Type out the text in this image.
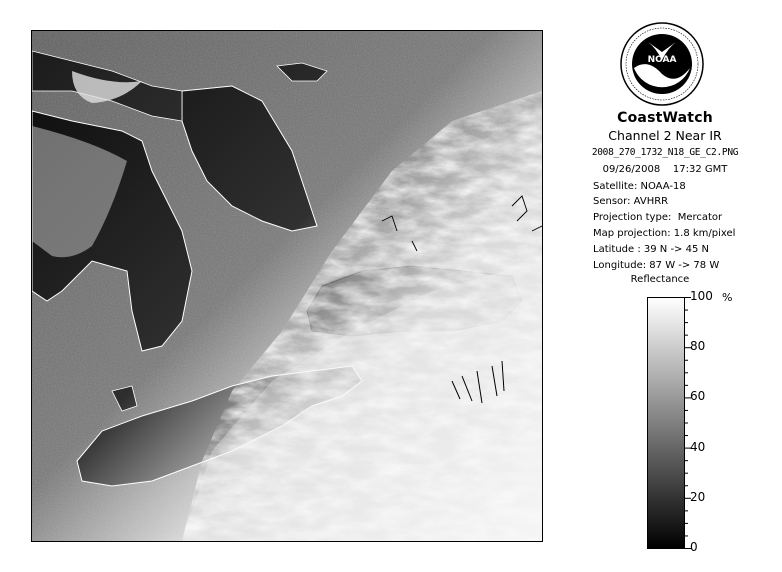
NOAA
CoastWatch
Channel 2 Near IR
2008_270_1732_N18_GE_C2.PNG
09/26/2008    17:32 GMT
Satellite: NOAA-18
Sensor: AVHRR
Projection type:  Mercator
Map projection: 1.8 km/pixel
Latitude : 39 N -> 45 N
Longitude: 87 W -> 78 W
Reflectance
%
100
80
60
40
20
0
